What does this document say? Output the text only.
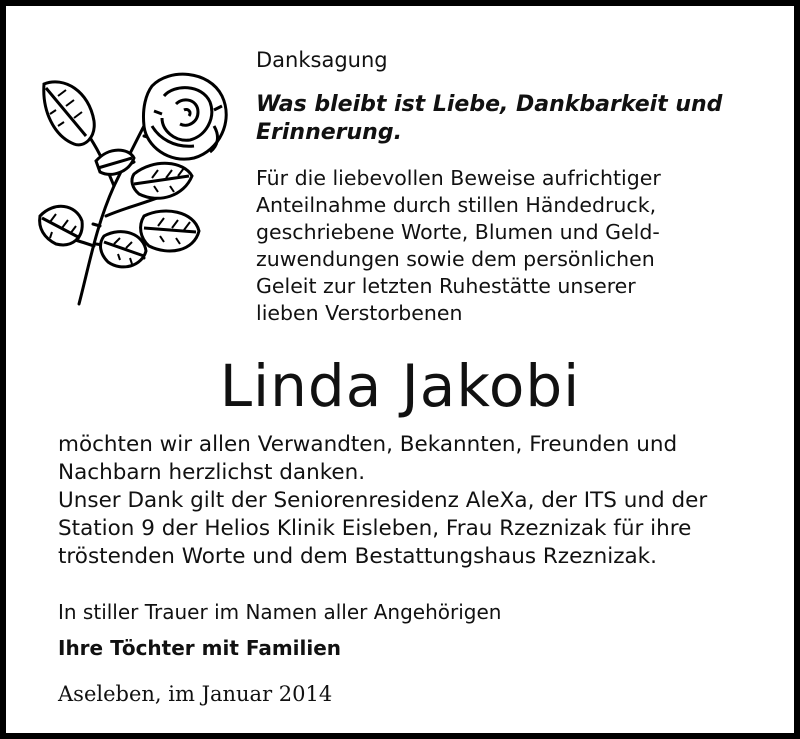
Danksagung
Was bleibt ist Liebe, Dankbarkeit und
Erinnerung.
Für die liebevollen Beweise aufrichtiger
Anteilnahme durch stillen Händedruck,
geschriebene Worte, Blumen und Geld-
zuwendungen sowie dem persönlichen
Geleit zur letzten Ruhestätte unserer
lieben Verstorbenen
Linda Jakobi
möchten wir allen Verwandten, Bekannten, Freunden und
Nachbarn herzlichst danken.
Unser Dank gilt der Seniorenresidenz AleXa, der ITS und der
Station 9 der Helios Klinik Eisleben, Frau Rzeznizak für ihre
tröstenden Worte und dem Bestattungshaus Rzeznizak.
In stiller Trauer im Namen aller Angehörigen
Ihre Töchter mit Familien
Aseleben, im Januar 2014
